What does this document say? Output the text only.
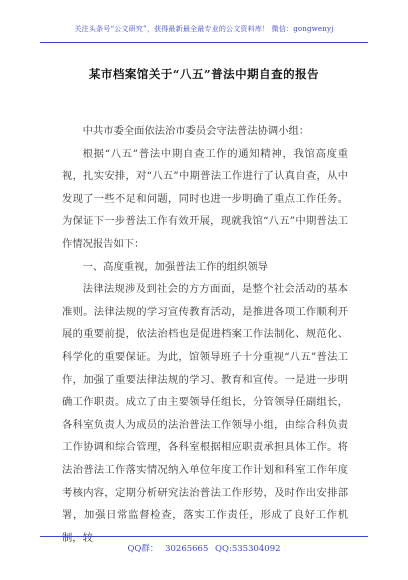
关注头条号“公文研究”，获得最新最全最专业的公文资料库！ 微信：gongwenyj
某市档案馆关于“八五”普法中期自查的报告

中共市委全面依法治市委员会守法普法协调小组：

根据“八五”普法中期自查工作的通知精神，我馆高度重视，扎实安排，对“八五”中期普法工作进行了认真自查，从中发现了一些不足和问题，同时也进一步明确了重点工作任务。为保证下一步普法工作有效开展，现就我馆“八五”中期普法工作情况报告如下：

一、高度重视，加强普法工作的组织领导

法律法规涉及到社会的方方面面，是整个社会活动的基本准则。法律法规的学习宣传教育活动，是推进各项工作顺利开展的重要前提，依法治档也是促进档案工作法制化、规范化、科学化的重要保证。为此，馆领导班子十分重视“八五”普法工作，加强了重要法律法规的学习、教育和宣传。一是进一步明确工作职责。成立了由主要领导任组长，分管领导任副组长，各科室负责人为成员的法治普法工作领导小组，由综合科负责工作协调和综合管理，各科室根据相应职责承担具体工作。将法治普法工作落实情况纳入单位年度工作计划和科室工作年度考核内容，定期分析研究法治普法工作形势，及时作出安排部署，加强日常监督检查，落实工作责任，形成了良好工作机制，较

QQ群： 30265665 QQ:535304092
